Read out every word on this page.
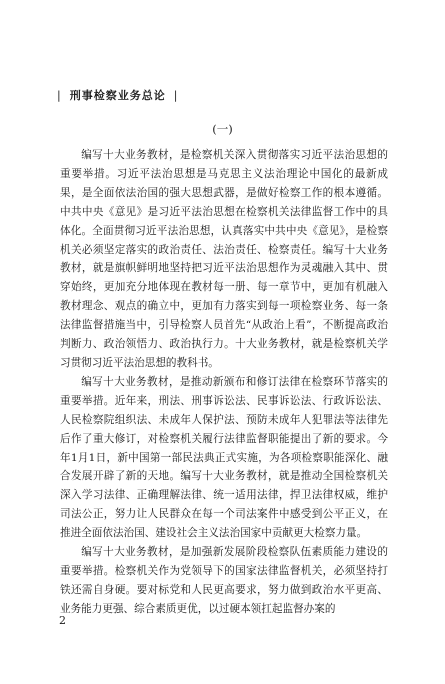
| 刑事检察业务总论 |
(一)

编写十大业务教材，是检察机关深入贯彻落实习近平法治思想的重要举措。习近平法治思想是马克思主义法治理论中国化的最新成果，是全面依法治国的强大思想武器，是做好检察工作的根本遵循。中共中央《意见》是习近平法治思想在检察机关法律监督工作中的具体化。全面贯彻习近平法治思想，认真落实中共中央《意见》，是检察机关必须坚定落实的政治责任、法治责任、检察责任。编写十大业务教材，就是旗帜鲜明地坚持把习近平法治思想作为灵魂融入其中、贯穿始终，更加充分地体现在教材每一册、每一章节中，更加有机融入教材理念、观点的确立中，更加有力落实到每一项检察业务、每一条法律监督措施当中，引导检察人员首先“从政治上看”，不断提高政治判断力、政治领悟力、政治执行力。十大业务教材，就是检察机关学习贯彻习近平法治思想的教科书。

编写十大业务教材，是推动新颁布和修订法律在检察环节落实的重要举措。近年来，刑法、刑事诉讼法、民事诉讼法、行政诉讼法、人民检察院组织法、未成年人保护法、预防未成年人犯罪法等法律先后作了重大修订，对检察机关履行法律监督职能提出了新的要求。今年1月1日，新中国第一部民法典正式实施，为各项检察职能深化、融合发展开辟了新的天地。编写十大业务教材，就是推动全国检察机关深入学习法律、正确理解法律、统一适用法律，捍卫法律权威，维护司法公正，努力让人民群众在每一个司法案件中感受到公平正义，在推进全面依法治国、建设社会主义法治国家中贡献更大检察力量。

编写十大业务教材，是加强新发展阶段检察队伍素质能力建设的重要举措。检察机关作为党领导下的国家法律监督机关，必须坚持打铁还需自身硬。要对标党和人民更高要求，努力做到政治水平更高、业务能力更强、综合素质更优，以过硬本领扛起监督办案的

2
